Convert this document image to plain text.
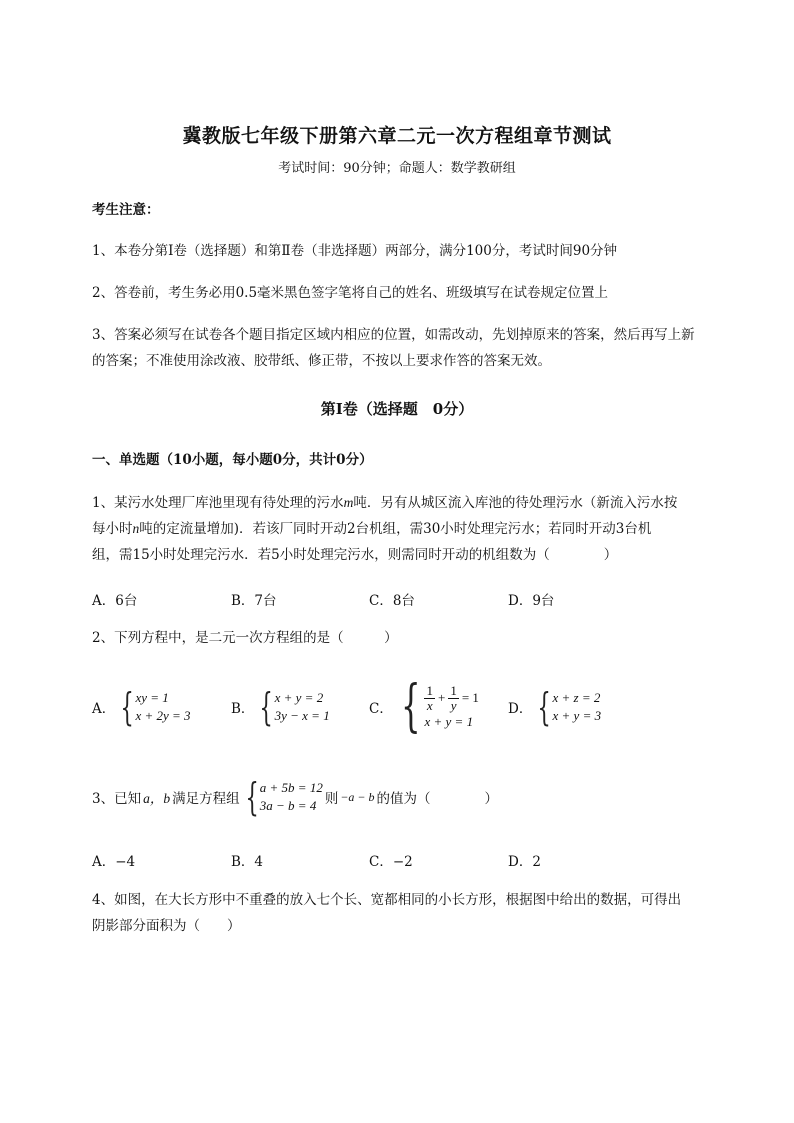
冀教版七年级下册第六章二元一次方程组章节测试
考试时间：90分钟；命题人：数学教研组
考生注意：
1、本卷分第Ⅰ卷（选择题）和第Ⅱ卷（非选择题）两部分，满分100分，考试时间90分钟
2、答卷前，考生务必用0.5毫米黑色签字笔将自己的姓名、班级填写在试卷规定位置上
3、答案必须写在试卷各个题目指定区域内相应的位置，如需改动，先划掉原来的答案，然后再写上新
的答案；不准使用涂改液、胶带纸、修正带，不按以上要求作答的答案无效。
第Ⅰ卷（选择题　0分）
一、单选题（10小题，每小题0分，共计0分）
1、某污水处理厂库池里现有待处理的污水m吨．另有从城区流入库池的待处理污水（新流入污水按
每小时n吨的定流量增加)．若该厂同时开动2台机组，需30小时处理完污水；若同时开动3台机
组，需15小时处理完污水．若5小时处理完污水，则需同时开动的机组数为（　　　　）
A．6台	B．7台	C．8台	D．9台
2、下列方程中，是二元一次方程组的是（　　　）
A． { xy = 1
x + 2y = 3	B． { x + y = 2
3y − x = 1	C． { $\frac{1}{x} + \frac{1}{y} = 1$
x + y = 1
D． { x + z = 2
x + y = 3
3、已知 a，b 满足方程组 { a + 5b = 12
3a − b = 4 则 −a − b 的值为（　　　　）
A．−4	B．4	C．−2	D．2
4、如图，在大长方形中不重叠的放入七个长、宽都相同的小长方形，根据图中给出的数据，可得出
阴影部分面积为（　　）
